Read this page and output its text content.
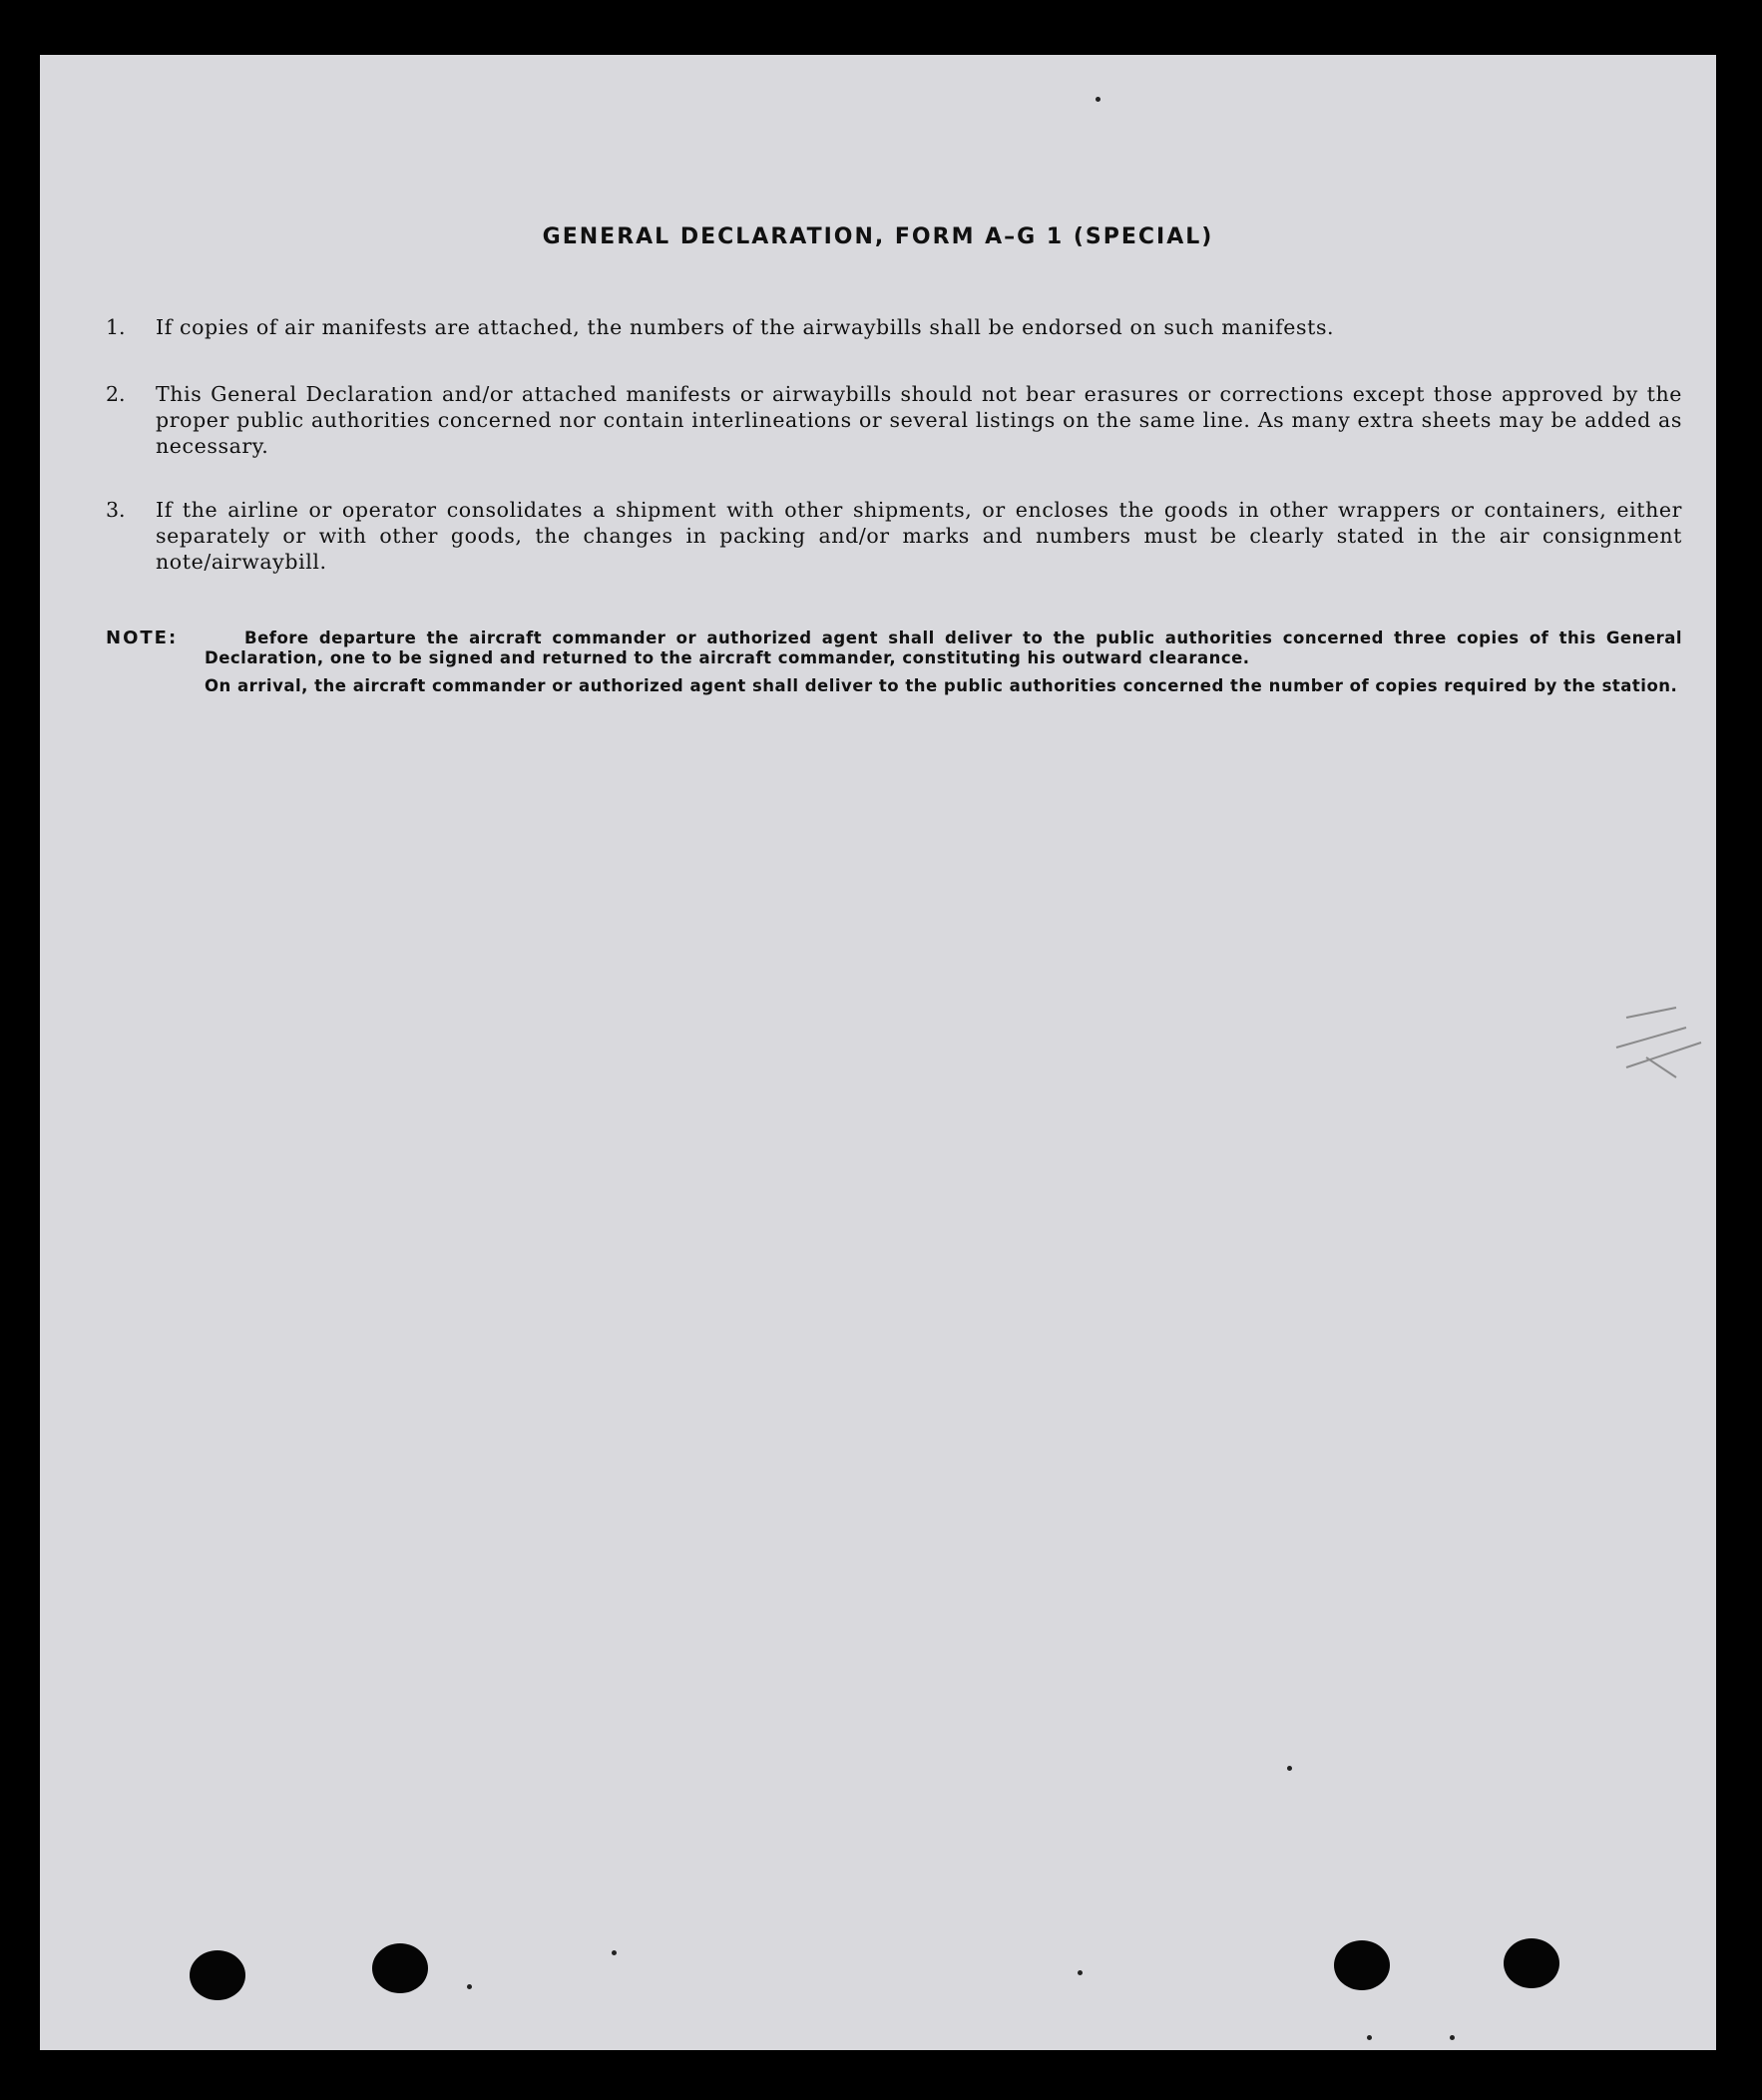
GENERAL DECLARATION, FORM A–G 1 (SPECIAL)
1.	If copies of air manifests are attached, the numbers of the airwaybills shall be endorsed on such manifests.
2.	This General Declaration and/or attached manifests or airwaybills should not bear erasures or corrections except those approved by the proper public authorities concerned nor contain interlineations or several listings on the same line. As many extra sheets may be added as necessary.
3.	If the airline or operator consolidates a shipment with other shipments, or encloses the goods in other wrappers or containers, either separately or with other goods, the changes in packing and/or marks and numbers must be clearly stated in the air consignment note/airwaybill.
NOTE:	Before departure the aircraft commander or authorized agent shall deliver to the public authorities concerned three copies of this General Declaration, one to be signed and returned to the aircraft commander, constituting his outward clearance.
On arrival, the aircraft commander or authorized agent shall deliver to the public authorities concerned the number of copies required by the station.
